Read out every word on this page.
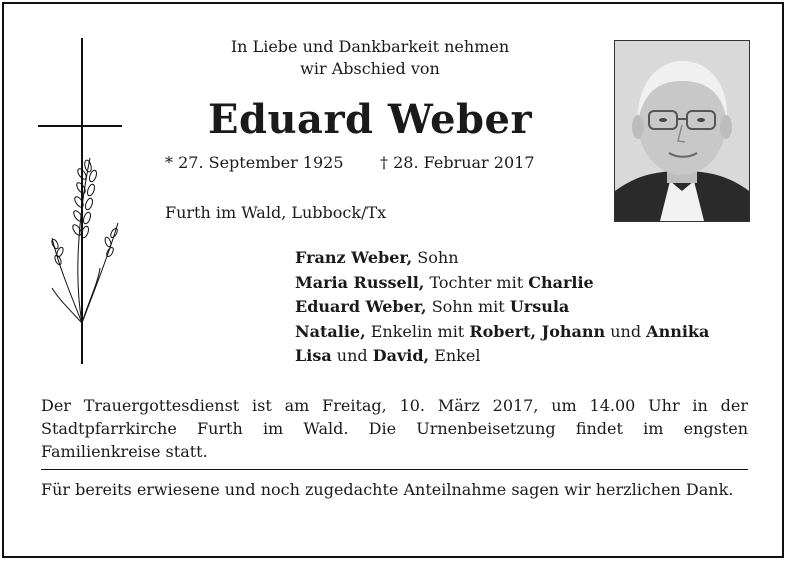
In Liebe und Dankbarkeit nehmen
wir Abschied von
Eduard Weber
* 27. September 1925 † 28. Februar 2017
Furth im Wald, Lubbock/Tx
Franz Weber, Sohn
Maria Russell, Tochter mit Charlie
Eduard Weber, Sohn mit Ursula
Natalie, Enkelin mit Robert, Johann und Annika
Lisa und David, Enkel
Der Trauergottesdienst ist am Freitag, 10. März 2017, um 14.00 Uhr in der Stadtpfarrkirche Furth im Wald. Die Urnenbeisetzung findet im engsten Familienkreise statt.
Für bereits erwiesene und noch zugedachte Anteilnahme sagen wir herzlichen Dank.
